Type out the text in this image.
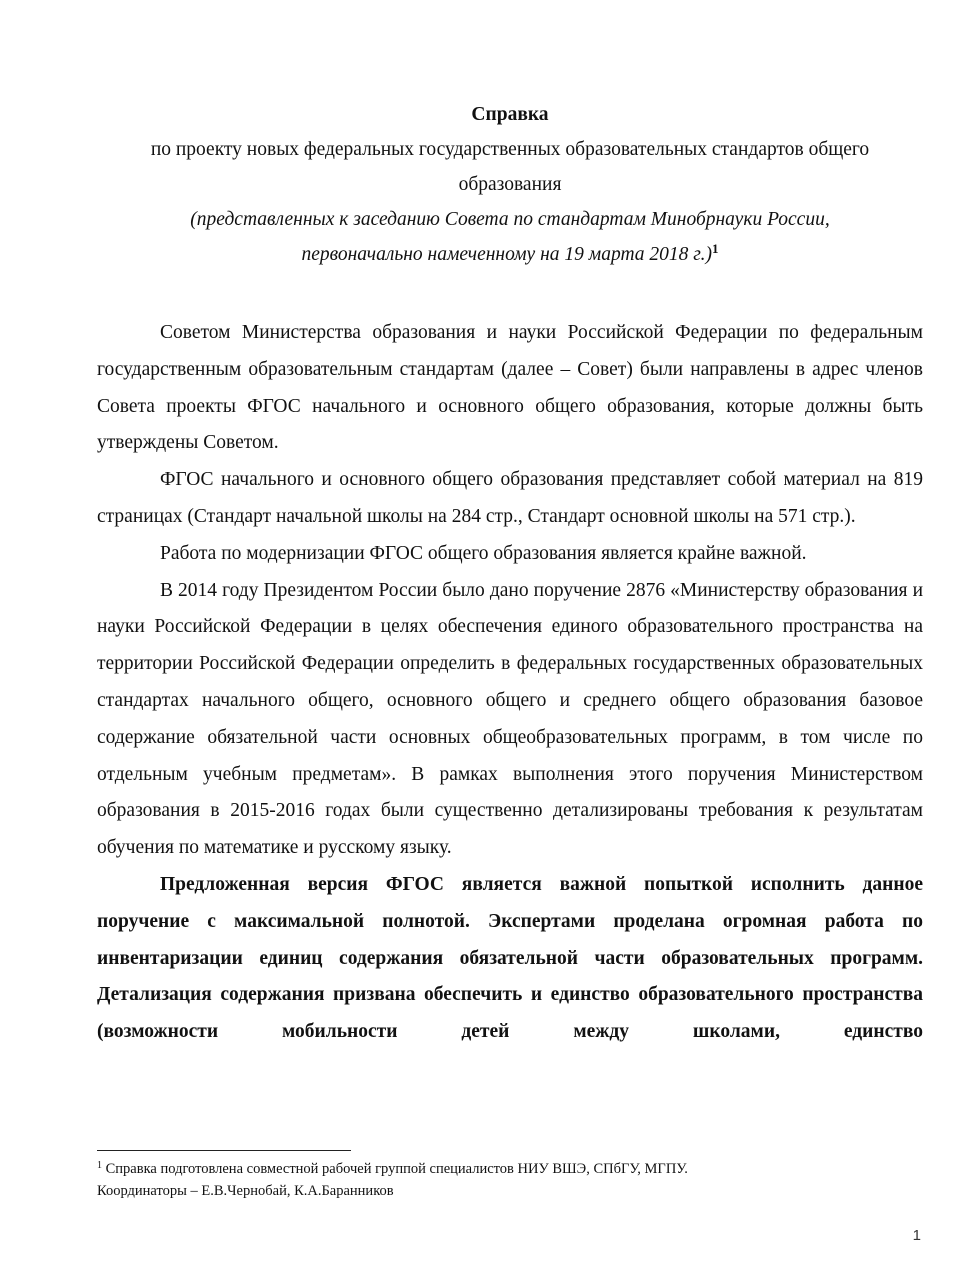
Справка
по проекту новых федеральных государственных образовательных стандартов общего
образования
(представленных к заседанию Совета по стандартам Минобрнауки России,
первоначально намеченному на 19 марта 2018 г.)$^1$

Советом Министерства образования и науки Российской Федерации по федеральным государственным образовательным стандартам (далее – Совет) были направлены в адрес членов Совета проекты ФГОС начального и основного общего образования, которые должны быть утверждены Советом.

ФГОС начального и основного общего образования представляет собой материал на 819 страницах (Стандарт начальной школы на 284 стр., Стандарт основной школы на 571 стр.).

Работа по модернизации ФГОС общего образования является крайне важной.

В 2014 году Президентом России было дано поручение 2876 «Министерству образования и науки Российской Федерации в целях обеспечения единого образовательного пространства на территории Российской Федерации определить в федеральных государственных образовательных стандартах начального общего, основного общего и среднего общего образования базовое содержание обязательной части основных общеобразовательных программ, в том числе по отдельным учебным предметам». В рамках выполнения этого поручения Министерством образования в 2015-2016 годах были существенно детализированы требования к результатам обучения по математике и русскому языку.

Предложенная версия ФГОС является важной попыткой исполнить данное поручение с максимальной полнотой. Экспертами проделана огромная работа по инвентаризации единиц содержания обязательной части образовательных программ. Детализация содержания призвана обеспечить и единство образовательного пространства (возможности мобильности детей между школами, единство

$^1$ Справка подготовлена совместной рабочей группой специалистов НИУ ВШЭ, СПбГУ, МГПУ.
Координаторы – Е.В.Чернобай, К.А.Баранников
1
